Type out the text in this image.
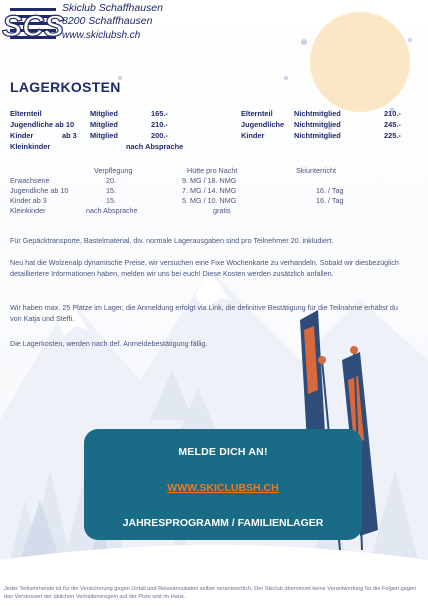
SCS
Skiclub Schaffhausen
8200 Schaffhausen
www.skiclubsh.ch
LAGERKOSTEN
Elternteil	Mitglied	165.-	Elternteil	Nichtmitglied	210.-
Jugendliche ab 10 Mitglied	210.-	Jugendliche Nichtmitglied	245.-
Kinder	ab 3 Mitglied	200.-	Kinder	Nichtmitglied	225.-
Kleinkinder	nach Absprache
Verpflegung	Hütte pro Nacht	Skiunterricht
Erwachsene	20.	9. MG / 18. NMG
Jugendliche ab 10	15.	7. MG / 14. NMG	16. / Tag
Kinder ab 3	15.	5. MG / 10. NMG	16. / Tag
Kleinkinder	nach Absprache	gratis
Für Gepäcktransporte, Bastelmaterial, div. normale Lagerausgaben sind pro Teilnehmer 20. inkludiert.
Neu hat die Wolzenalp dynamische Preise, wir versuchen eine Fixe Wochenkarte zu verhandeln. Sobald wir diesbezüglich detailliertere Informationen haben, melden wir uns bei euch! Diese Kosten werden zusätzlich anfallen.
Wir haben max. 25 Plätze im Lager, die Anmeldung erfolgt via Link, die definitive Bestätigung für die Teilnahme erhältst du von Katja und Steffi.
Die Lagerkosten, werden nach def. Anmeldebestätigung fällig.
MELDE DICH AN!
WWW.SKICLUBSH.CH
JAHRESPROGRAMM / FAMILIENLAGER
Jeder Teilnehmende ist für die Versicherung gegen Unfall und Reiseannulation selber verantwortlich. Der Skiclub übernimmt keine Verantwortung für die Folgen gegen das Verstossen der üblichen Verhaltensregeln auf der Piste und im Haus.
